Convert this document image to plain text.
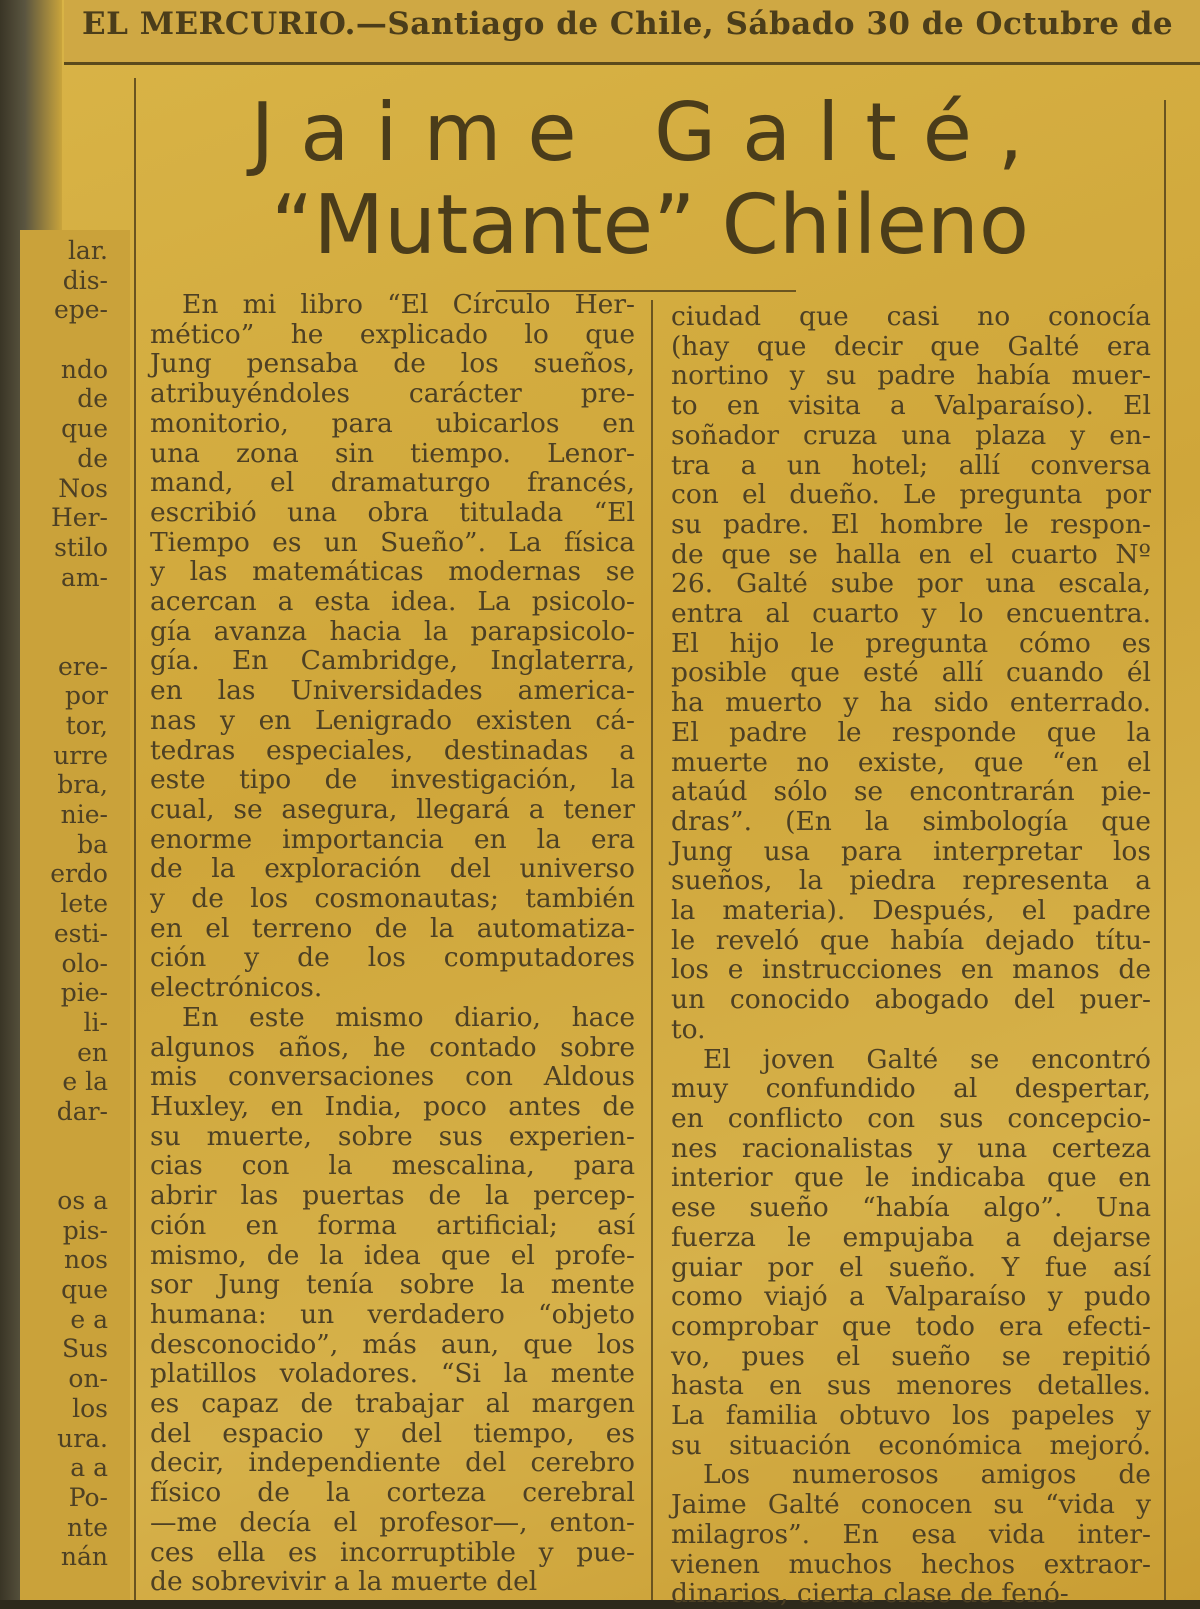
EL MERCURIO.—Santiago de Chile, Sábado 30 de Octubre de
Jaime Galté,
“Mutante” Chileno
lar.
dis-
epe-
ndo
de
que
de
Nos
Her-
stilo
am-
ere-
por
tor,
urre
bra,
nie-
ba
erdo
lete
esti-
olo-
pie-
li-
en
e la
dar-
os a
pis-
nos
que
e a
Sus
on-
los
ura.
a a
Po-
nte
nán
En mi libro “El Círculo Her-
mético” he explicado lo que
Jung pensaba de los sueños,
atribuyéndoles carácter pre-
monitorio, para ubicarlos en
una zona sin tiempo. Lenor-
mand, el dramaturgo francés,
escribió una obra titulada “El
Tiempo es un Sueño”. La física
y las matemáticas modernas se
acercan a esta idea. La psicolo-
gía avanza hacia la parapsicolo-
gía. En Cambridge, Inglaterra,
en las Universidades america-
nas y en Lenigrado existen cá-
tedras especiales, destinadas a
este tipo de investigación, la
cual, se asegura, llegará a tener
enorme importancia en la era
de la exploración del universo
y de los cosmonautas; también
en el terreno de la automatiza-
ción y de los computadores
electrónicos.
En este mismo diario, hace
algunos años, he contado sobre
mis conversaciones con Aldous
Huxley, en India, poco antes de
su muerte, sobre sus experien-
cias con la mescalina, para
abrir las puertas de la percep-
ción en forma artificial; así
mismo, de la idea que el profe-
sor Jung tenía sobre la mente
humana: un verdadero “objeto
desconocido”, más aun, que los
platillos voladores. “Si la mente
es capaz de trabajar al margen
del espacio y del tiempo, es
decir, independiente del cerebro
físico de la corteza cerebral
—me decía el profesor—, enton-
ces ella es incorruptible y pue-
de sobrevivir a la muerte del
ciudad que casi no conocía
(hay que decir que Galté era
nortino y su padre había muer-
to en visita a Valparaíso). El
soñador cruza una plaza y en-
tra a un hotel; allí conversa
con el dueño. Le pregunta por
su padre. El hombre le respon-
de que se halla en el cuarto Nº
26. Galté sube por una escala,
entra al cuarto y lo encuentra.
El hijo le pregunta cómo es
posible que esté allí cuando él
ha muerto y ha sido enterrado.
El padre le responde que la
muerte no existe, que “en el
ataúd sólo se encontrarán pie-
dras”. (En la simbología que
Jung usa para interpretar los
sueños, la piedra representa a
la materia). Después, el padre
le reveló que había dejado títu-
los e instrucciones en manos de
un conocido abogado del puer-
to.
El joven Galté se encontró
muy confundido al despertar,
en conflicto con sus concepcio-
nes racionalistas y una certeza
interior que le indicaba que en
ese sueño “había algo”. Una
fuerza le empujaba a dejarse
guiar por el sueño. Y fue así
como viajó a Valparaíso y pudo
comprobar que todo era efecti-
vo, pues el sueño se repitió
hasta en sus menores detalles.
La familia obtuvo los papeles y
su situación económica mejoró.
Los numerosos amigos de
Jaime Galté conocen su “vida y
milagros”. En esa vida inter-
vienen muchos hechos extraor-
dinarios, cierta clase de fenó-
